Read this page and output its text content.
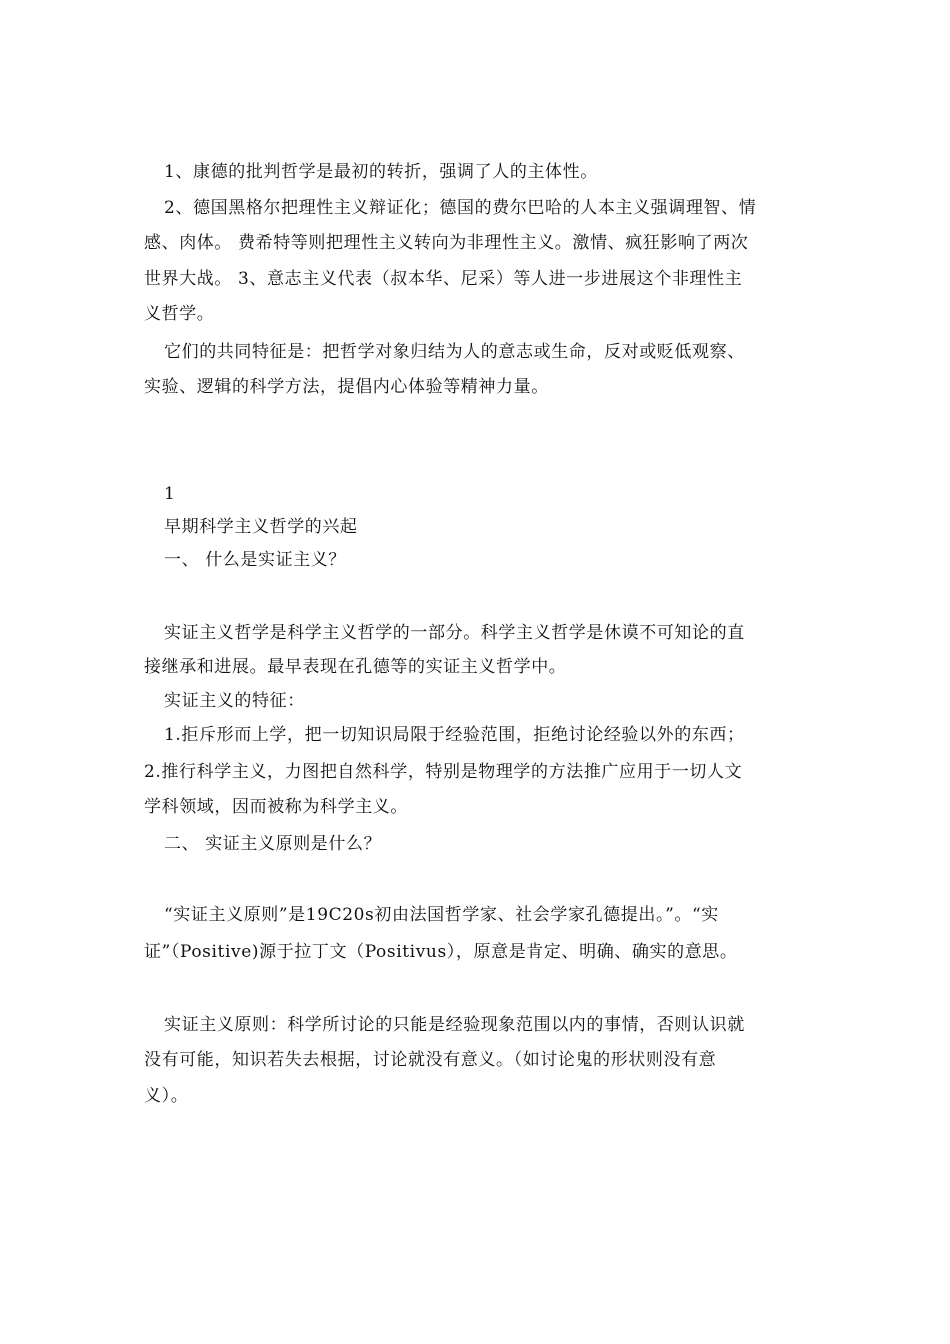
1、康德的批判哲学是最初的转折，强调了人的主体性。
2、德国黑格尔把理性主义辩证化；德国的费尔巴哈的人本主义强调理智、情
感、肉体。 费希特等则把理性主义转向为非理性主义。激情、疯狂影响了两次
世界大战。 3、意志主义代表（叔本华、尼采）等人进一步进展这个非理性主
义哲学。
它们的共同特征是：把哲学对象归结为人的意志或生命，反对或贬低观察、
实验、逻辑的科学方法，提倡内心体验等精神力量。
1
早期科学主义哲学的兴起
一、 什么是实证主义？
实证主义哲学是科学主义哲学的一部分。科学主义哲学是休谟不可知论的直
接继承和进展。最早表现在孔德等的实证主义哲学中。
实证主义的特征：
1.拒斥形而上学，把一切知识局限于经验范围，拒绝讨论经验以外的东西；
2.推行科学主义，力图把自然科学，特别是物理学的方法推广应用于一切人文
学科领域，因而被称为科学主义。
二、 实证主义原则是什么？
“实证主义原则”是19C20s初由法国哲学家、社会学家孔德提出。”。“实
证”（Positive)源于拉丁文（Positivus），原意是肯定、明确、确实的意思。
实证主义原则：科学所讨论的只能是经验现象范围以内的事情，否则认识就
没有可能，知识若失去根据，讨论就没有意义。（如讨论鬼的形状则没有意
义）。
